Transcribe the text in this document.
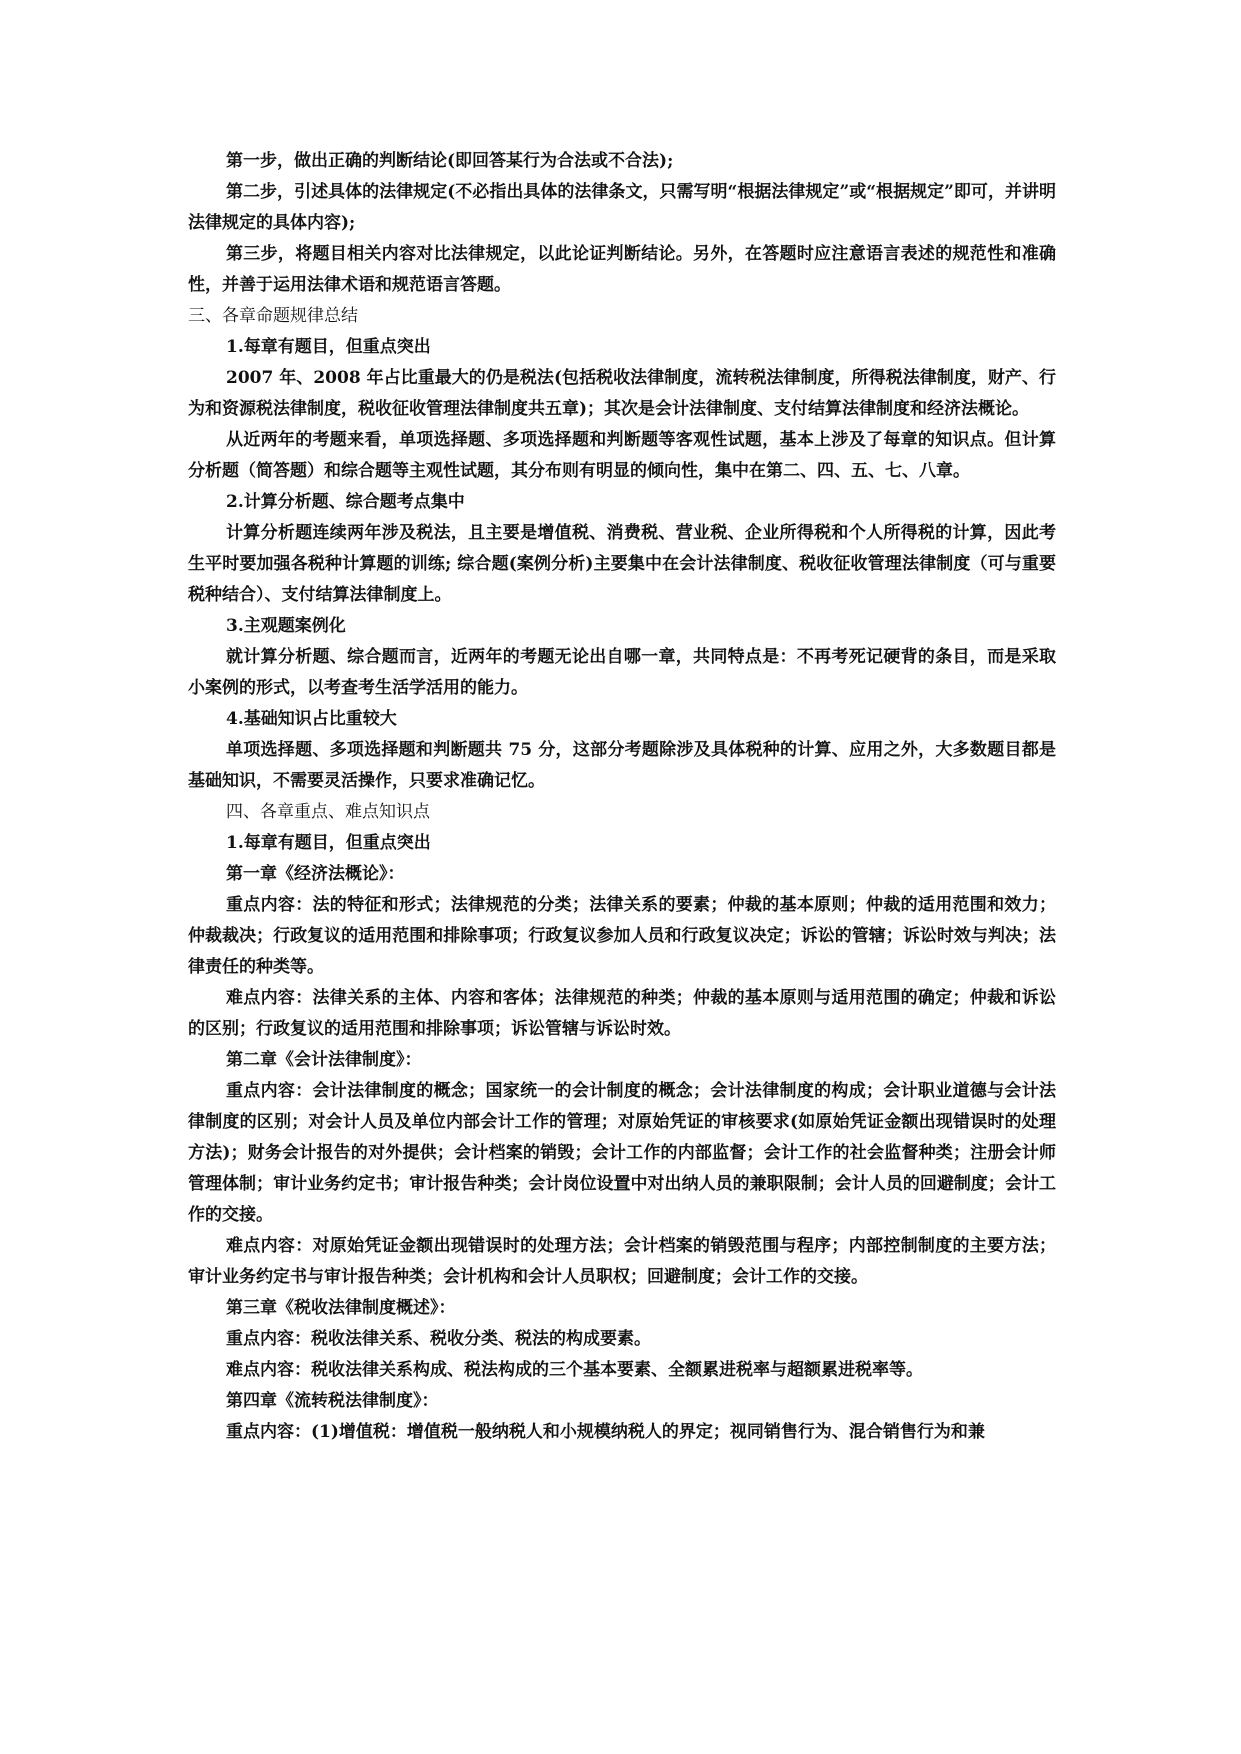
第一步，做出正确的判断结论(即回答某行为合法或不合法);

第二步，引述具体的法律规定(不必指出具体的法律条文，只需写明“根据法律规定”或“根据规定”即可，并讲明法律规定的具体内容);

第三步，将题目相关内容对比法律规定，以此论证判断结论。另外，在答题时应注意语言表述的规范性和准确性，并善于运用法律术语和规范语言答题。

三、各章命题规律总结

1.每章有题目，但重点突出

2007 年、2008 年占比重最大的仍是税法(包括税收法律制度，流转税法律制度，所得税法律制度，财产、行为和资源税法律制度，税收征收管理法律制度共五章)；其次是会计法律制度、支付结算法律制度和经济法概论。

从近两年的考题来看，单项选择题、多项选择题和判断题等客观性试题，基本上涉及了每章的知识点。但计算分析题（简答题）和综合题等主观性试题，其分布则有明显的倾向性，集中在第二、四、五、七、八章。

2.计算分析题、综合题考点集中

计算分析题连续两年涉及税法，且主要是增值税、消费税、营业税、企业所得税和个人所得税的计算，因此考生平时要加强各税种计算题的训练; 综合题(案例分析)主要集中在会计法律制度、税收征收管理法律制度（可与重要税种结合）、支付结算法律制度上。

3.主观题案例化

就计算分析题、综合题而言，近两年的考题无论出自哪一章，共同特点是：不再考死记硬背的条目，而是采取小案例的形式，以考查考生活学活用的能力。

4.基础知识占比重较大

单项选择题、多项选择题和判断题共 75 分，这部分考题除涉及具体税种的计算、应用之外，大多数题目都是基础知识，不需要灵活操作，只要求准确记忆。

四、各章重点、难点知识点

1.每章有题目，但重点突出

第一章《经济法概论》：

重点内容：法的特征和形式；法律规范的分类；法律关系的要素；仲裁的基本原则；仲裁的适用范围和效力；仲裁裁决；行政复议的适用范围和排除事项；行政复议参加人员和行政复议决定；诉讼的管辖；诉讼时效与判决；法律责任的种类等。

难点内容：法律关系的主体、内容和客体；法律规范的种类；仲裁的基本原则与适用范围的确定；仲裁和诉讼的区别；行政复议的适用范围和排除事项；诉讼管辖与诉讼时效。

第二章《会计法律制度》：

重点内容：会计法律制度的概念；国家统一的会计制度的概念；会计法律制度的构成；会计职业道德与会计法律制度的区别；对会计人员及单位内部会计工作的管理；对原始凭证的审核要求(如原始凭证金额出现错误时的处理方法)；财务会计报告的对外提供；会计档案的销毁；会计工作的内部监督；会计工作的社会监督种类；注册会计师管理体制；审计业务约定书；审计报告种类；会计岗位设置中对出纳人员的兼职限制；会计人员的回避制度；会计工作的交接。

难点内容：对原始凭证金额出现错误时的处理方法；会计档案的销毁范围与程序；内部控制制度的主要方法；审计业务约定书与审计报告种类；会计机构和会计人员职权；回避制度；会计工作的交接。

第三章《税收法律制度概述》：

重点内容：税收法律关系、税收分类、税法的构成要素。

难点内容：税收法律关系构成、税法构成的三个基本要素、全额累进税率与超额累进税率等。

第四章《流转税法律制度》：

重点内容：(1)增值税：增值税一般纳税人和小规模纳税人的界定；视同销售行为、混合销售行为和兼
